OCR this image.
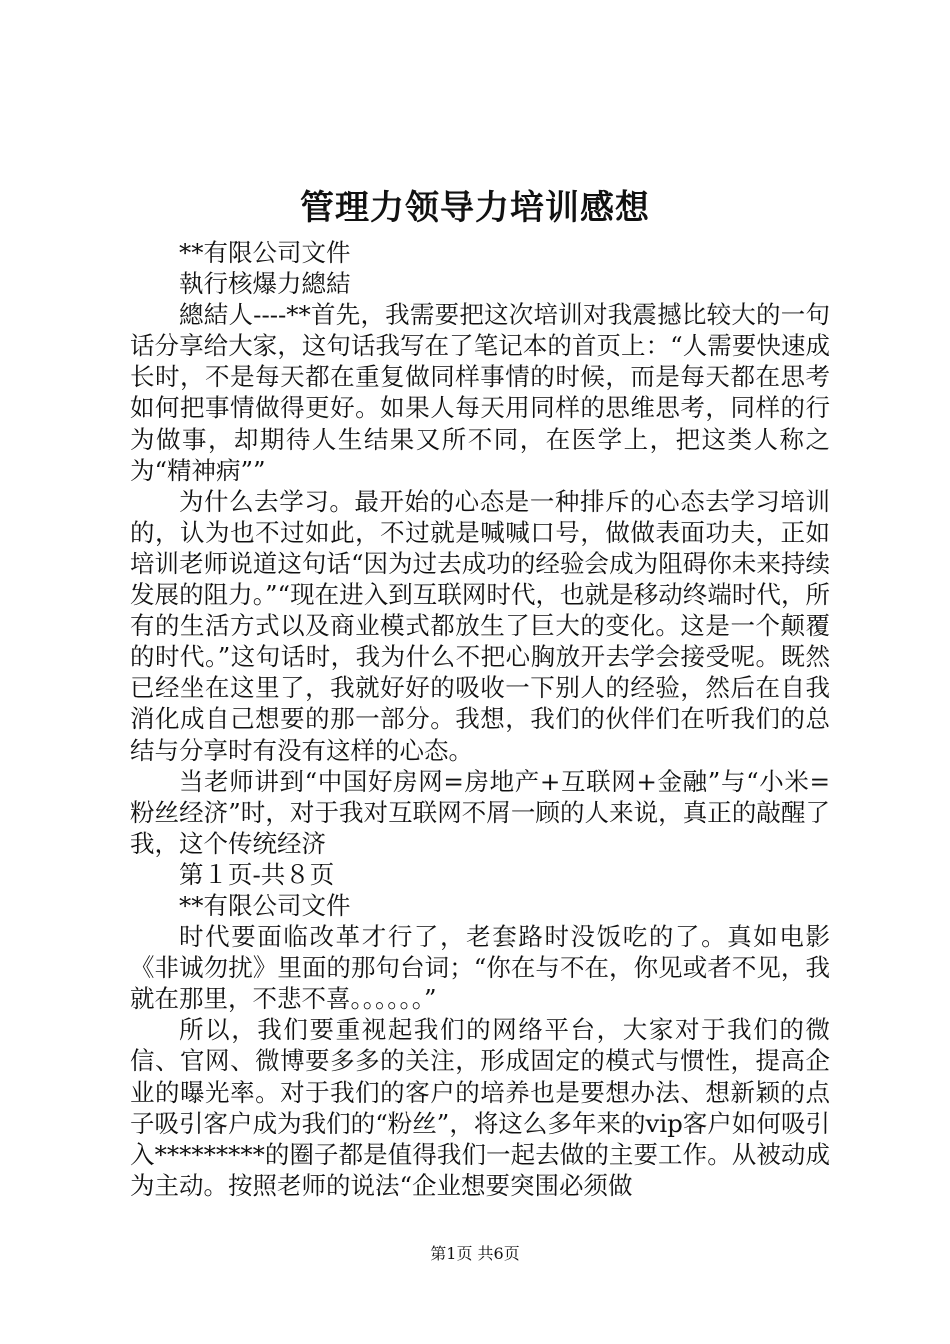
管理力领导力培训感想

**有限公司文件

執行核爆力總結

總結人----**首先，我需要把这次培训对我震撼比较大的一句话分享给大家，这句话我写在了笔记本的首页上：“人需要快速成长时，不是每天都在重复做同样事情的时候，而是每天都在思考如何把事情做得更好。如果人每天用同样的思维思考，同样的行为做事，却期待人生结果又所不同，在医学上，把这类人称之为“精神病””

为什么去学习。最开始的心态是一种排斥的心态去学习培训的，认为也不过如此，不过就是喊喊口号，做做表面功夫，正如培训老师说道这句话“因为过去成功的经验会成为阻碍你未来持续发展的阻力。”“现在进入到互联网时代，也就是移动终端时代，所有的生活方式以及商业模式都放生了巨大的变化。这是一个颠覆的时代。”这句话时，我为什么不把心胸放开去学会接受呢。既然已经坐在这里了，我就好好的吸收一下别人的经验，然后在自我消化成自己想要的那一部分。我想，我们的伙伴们在听我们的总结与分享时有没有这样的心态。

当老师讲到“中国好房网=房地产+互联网+金融”与“小米=粉丝经济”时，对于我对互联网不屑一顾的人来说，真正的敲醒了我，这个传统经济

第１页-共８页

**有限公司文件

时代要面临改革才行了，老套路时没饭吃的了。真如电影《非诚勿扰》里面的那句台词；“你在与不在，你见或者不见，我就在那里，不悲不喜。。。。。。”

所以，我们要重视起我们的网络平台，大家对于我们的微信、官网、微博要多多的关注，形成固定的模式与惯性，提高企业的曝光率。对于我们的客户的培养也是要想办法、想新颖的点子吸引客户成为我们的“粉丝”，将这么多年来的vip客户如何吸引入*********的圈子都是值得我们一起去做的主要工作。从被动成为主动。按照老师的说法“企业想要突围必须做

第1页 共6页
